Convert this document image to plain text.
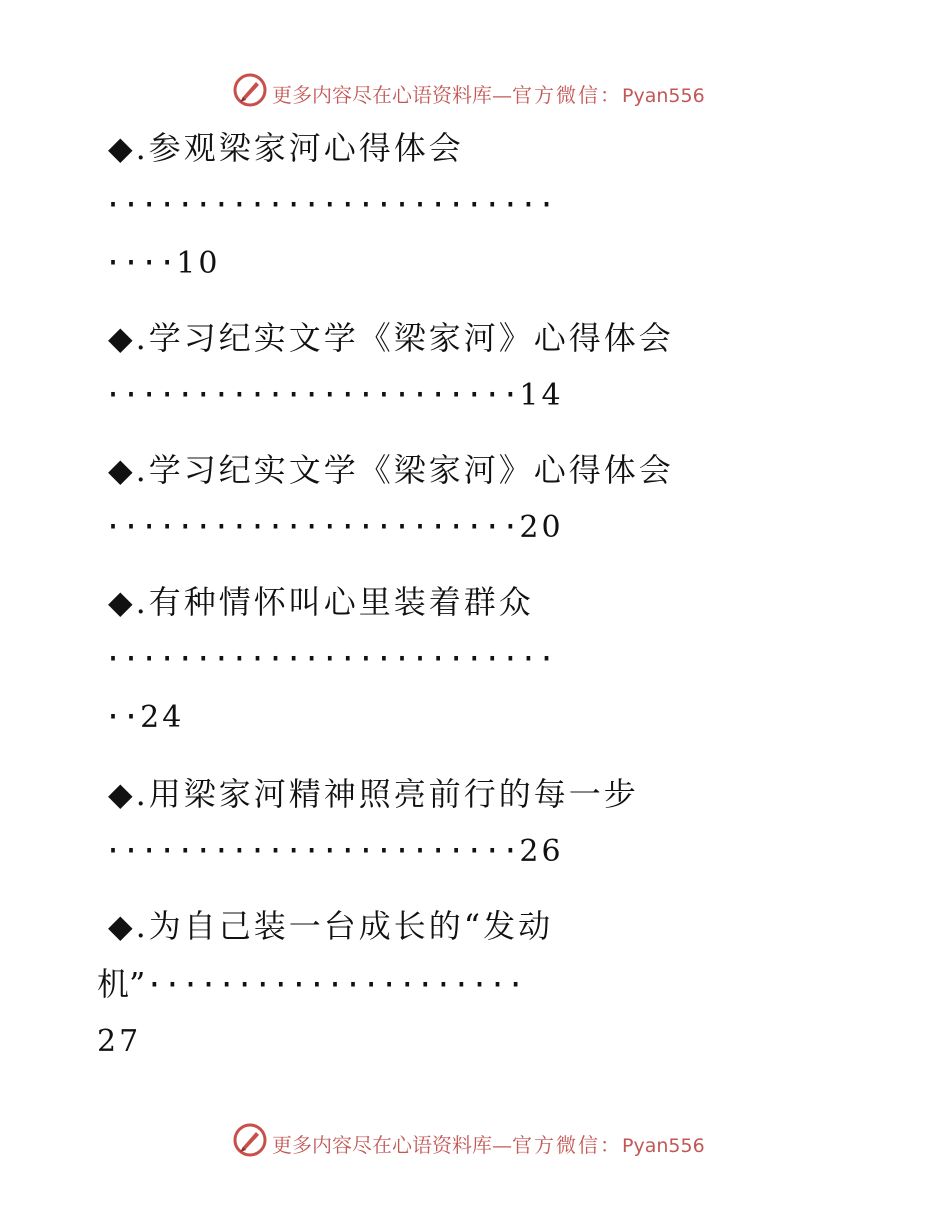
更多内容尽在心语资料库—官方微信：Pyan556
◆.参观梁家河心得体会
·························
····10
◆.学习纪实文学《梁家河》心得体会
·······················14
◆.学习纪实文学《梁家河》心得体会
·······················20
◆.有种情怀叫心里装着群众
·························
··24
◆.用梁家河精神照亮前行的每一步
·······················26
◆.为自己装一台成长的“发动
机”·····················
27
更多内容尽在心语资料库—官方微信：Pyan556
